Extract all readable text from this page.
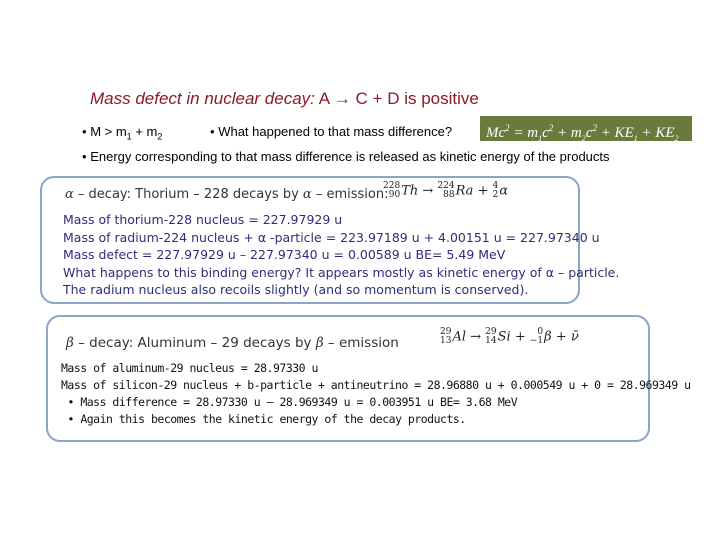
Mass defect in nuclear decay: A → C + D is positive
• $M > m_1 + m_2$	• What happened to that mass difference?	$Mc^2 = m_1c^2 + m_2c^2 + KE_1 + KE_2$
• Energy corresponding to that mass difference is released as kinetic energy of the products
α – decay: Thorium – 228 decays by α – emission:
228
90 Th → 224
88 Ra + 4
2 α
Mass of thorium-228 nucleus = 227.97929 u
Mass of radium-224 nucleus + α -particle = 223.97189 u + 4.00151 u = 227.97340 u
Mass defect = 227.97929 u – 227.97340 u = 0.00589 u BE= 5.49 MeV
What happens to this binding energy? It appears mostly as kinetic energy of α – particle.
The radium nucleus also recoils slightly (and so momentum is conserved).
β – decay: Aluminum – 29 decays by β – emission
29
13 Al → 29
14 Si + 0
−1 β + ν̄
Mass of aluminum-29 nucleus = 28.97330 u
Mass of silicon-29 nucleus + b-particle + antineutrino = 28.96880 u + 0.000549 u + 0 = 28.969349 u
• Mass difference = 28.97330 u – 28.969349 u = 0.003951 u BE= 3.68 MeV
• Again this becomes the kinetic energy of the decay products.
